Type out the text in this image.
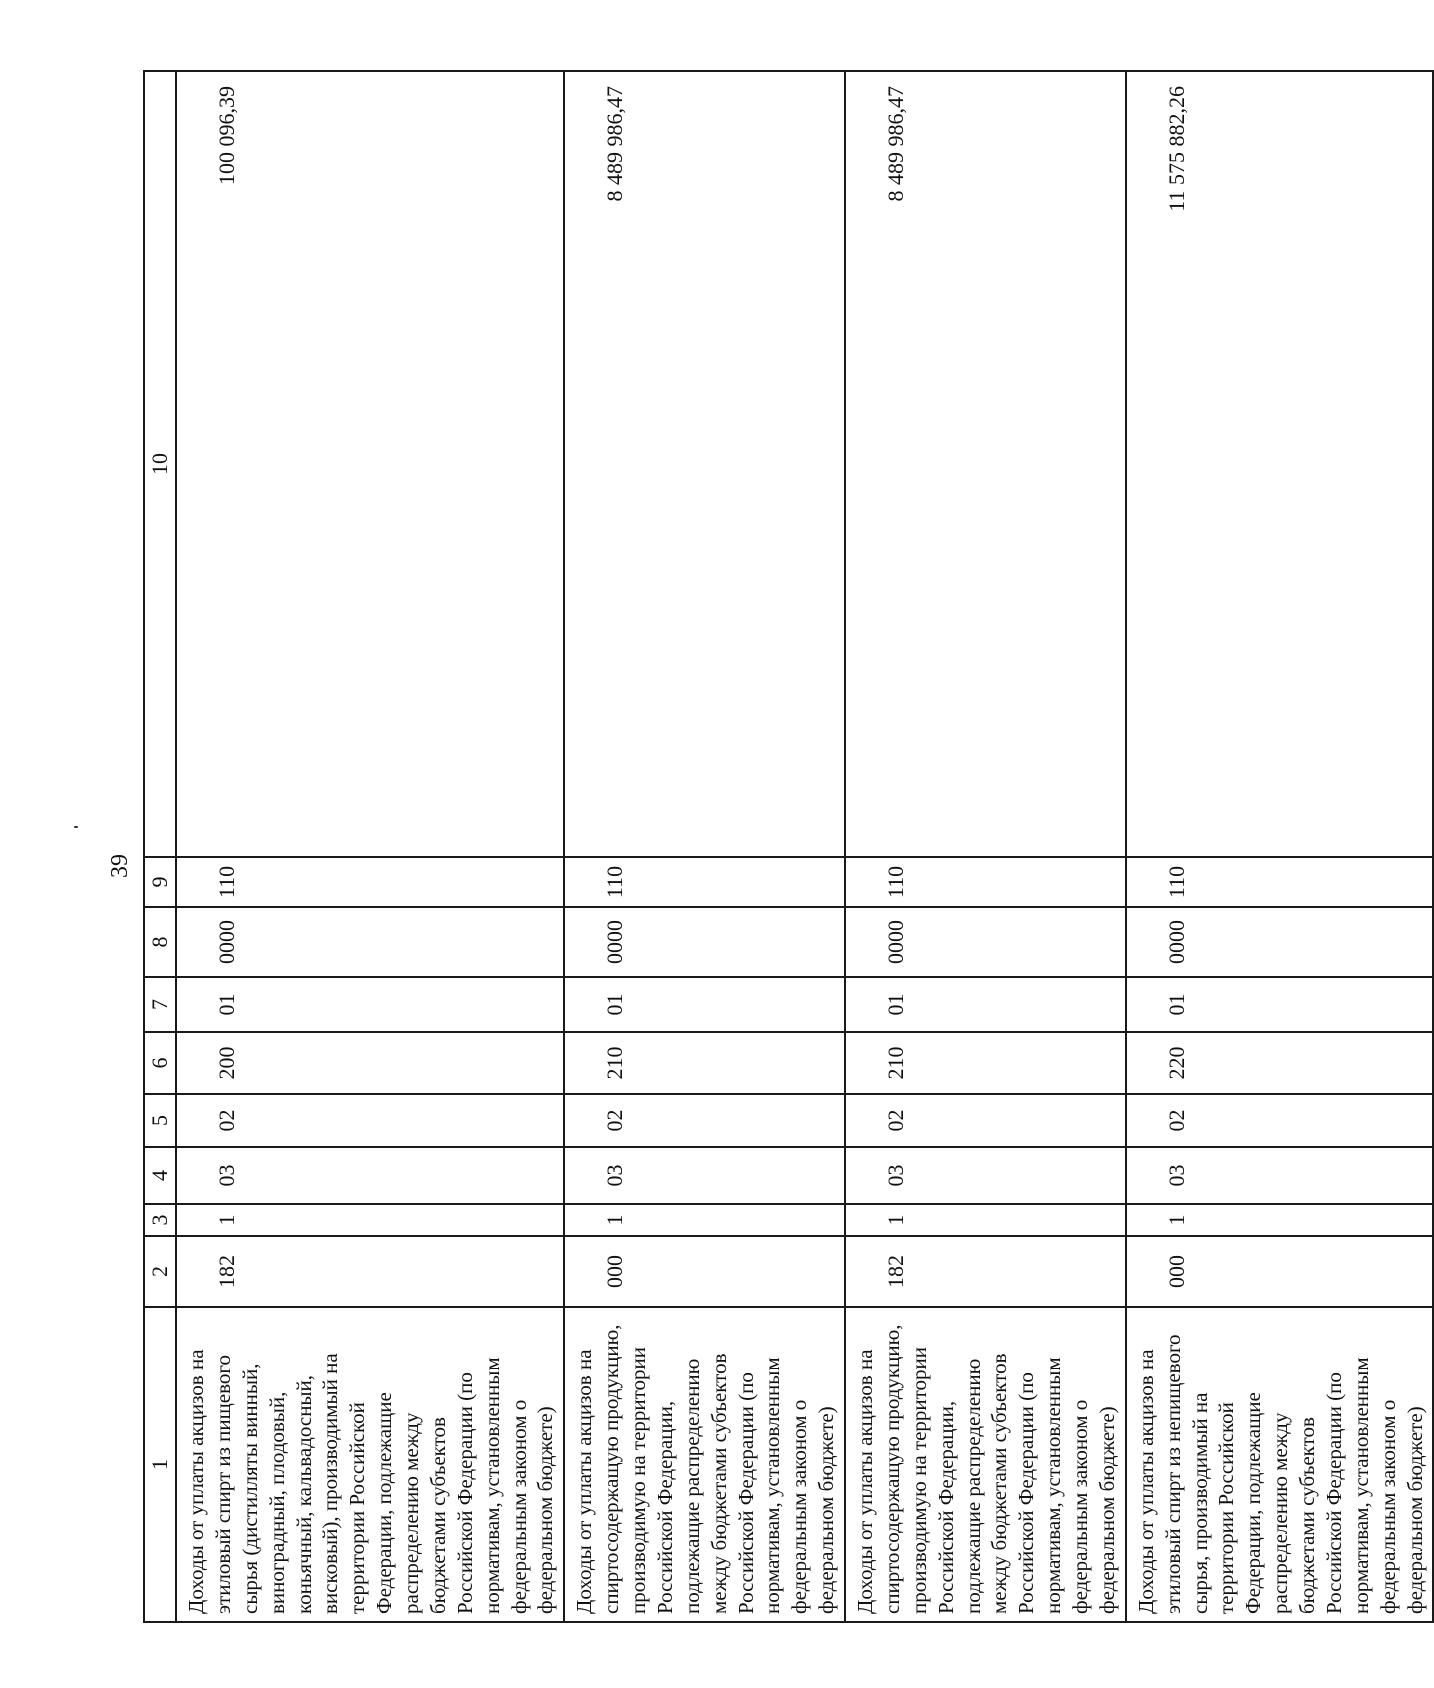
39
1	2	3	4	5	6	7	8	9	10
Доходы от уплаты акцизов на этиловый спирт из пищевого сырья (дистилляты винный, виноградный, плодовый, коньячный, кальвадосный, висковый), производимый на территории Российской Федерации, подлежащие распределению между бюджетами субъектов Российской Федерации (по нормативам, установленным федеральным законом о федеральном бюджете)	182	1	03	02	200	01	0000	110	100 096,39
Доходы от уплаты акцизов на спиртосодержащую продукцию, производимую на территории Российской Федерации, подлежащие распределению между бюджетами субъектов Российской Федерации (по нормативам, установленным федеральным законом о федеральном бюджете)	000	1	03	02	210	01	0000	110	8 489 986,47
Доходы от уплаты акцизов на спиртосодержащую продукцию, производимую на территории Российской Федерации, подлежащие распределению между бюджетами субъектов Российской Федерации (по нормативам, установленным федеральным законом о федеральном бюджете)	182	1	03	02	210	01	0000	110	8 489 986,47
Доходы от уплаты акцизов на этиловый спирт из непищевого сырья, производимый на территории Российской Федерации, подлежащие распределению между бюджетами субъектов Российской Федерации (по нормативам, установленным федеральным законом о федеральном бюджете)	000	1	03	02	220	01	0000	110	11 575 882,26
